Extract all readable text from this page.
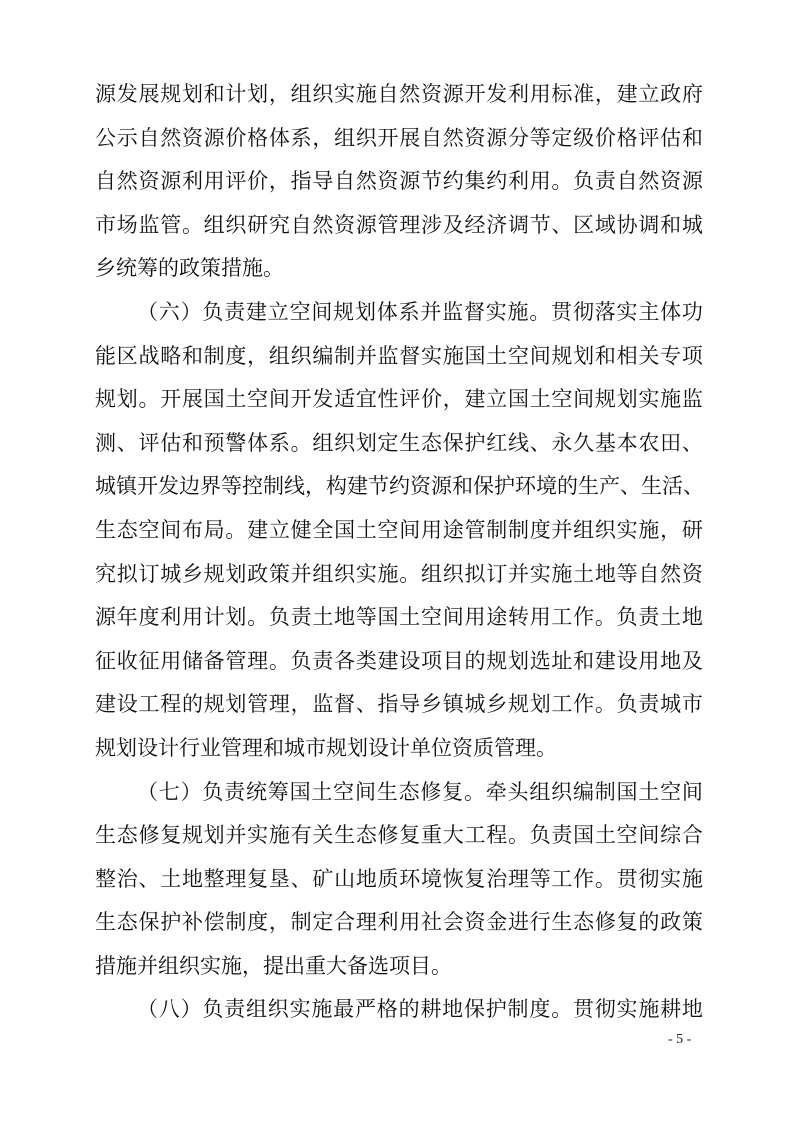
源 发 展 规 划 和 计 划 ， 组 织 实 施 自 然 资 源 开 发 利 用 标 准 ， 建 立 政 府
公 示 自 然 资 源 价 格 体 系 ， 组 织 开 展 自 然 资 源 分 等 定 级 价 格 评 估 和
自 然 资 源 利 用 评 价 ， 指 导 自 然 资 源 节 约 集 约 利 用 。 负 责 自 然 资 源
市 场 监 管 。 组 织 研 究 自 然 资 源 管 理 涉 及 经 济 调 节 、 区 域 协 调 和 城
乡统筹的政策措施。
（ 六 ） 负 责 建 立 空 间 规 划 体 系 并 监 督 实 施 。 贯 彻 落 实 主 体 功
能 区 战 略 和 制 度 ， 组 织 编 制 并 监 督 实 施 国 土 空 间 规 划 和 相 关 专 项
规 划 。 开 展 国 土 空 间 开 发 适 宜 性 评 价 ， 建 立 国 土 空 间 规 划 实 施 监
测 、 评 估 和 预 警 体 系 。 组 织 划 定 生 态 保 护 红 线 、 永 久 基 本 农 田 、
城 镇 开 发 边 界 等 控 制 线 ， 构 建 节 约 资 源 和 保 护 环 境 的 生 产 、 生 活 、
生 态 空 间 布 局 。 建 立 健 全 国 土 空 间 用 途 管 制 制 度 并 组 织 实 施 ， 研
究 拟 订 城 乡 规 划 政 策 并 组 织 实 施 。 组 织 拟 订 并 实 施 土 地 等 自 然 资
源 年 度 利 用 计 划 。 负 责 土 地 等 国 土 空 间 用 途 转 用 工 作 。 负 责 土 地
征 收 征 用 储 备 管 理 。 负 责 各 类 建 设 项 目 的 规 划 选 址 和 建 设 用 地 及
建 设 工 程 的 规 划 管 理 ， 监 督 、 指 导 乡 镇 城 乡 规 划 工 作 。 负 责 城 市
规划设计行业管理和城市规划设计单位资质管理。
（ 七 ） 负 责 统 筹 国 土 空 间 生 态 修 复 。 牵 头 组 织 编 制 国 土 空 间
生 态 修 复 规 划 并 实 施 有 关 生 态 修 复 重 大 工 程 。 负 责 国 土 空 间 综 合
整 治 、 土 地 整 理 复 垦 、 矿 山 地 质 环 境 恢 复 治 理 等 工 作 。 贯 彻 实 施
生 态 保 护 补 偿 制 度 ， 制 定 合 理 利 用 社 会 资 金 进 行 生 态 修 复 的 政 策
措施并组织实施，提出重大备选项目。
（ 八 ） 负 责 组 织 实 施 最 严 格 的 耕 地 保 护 制 度 。 贯 彻 实 施 耕 地
- 5 -
